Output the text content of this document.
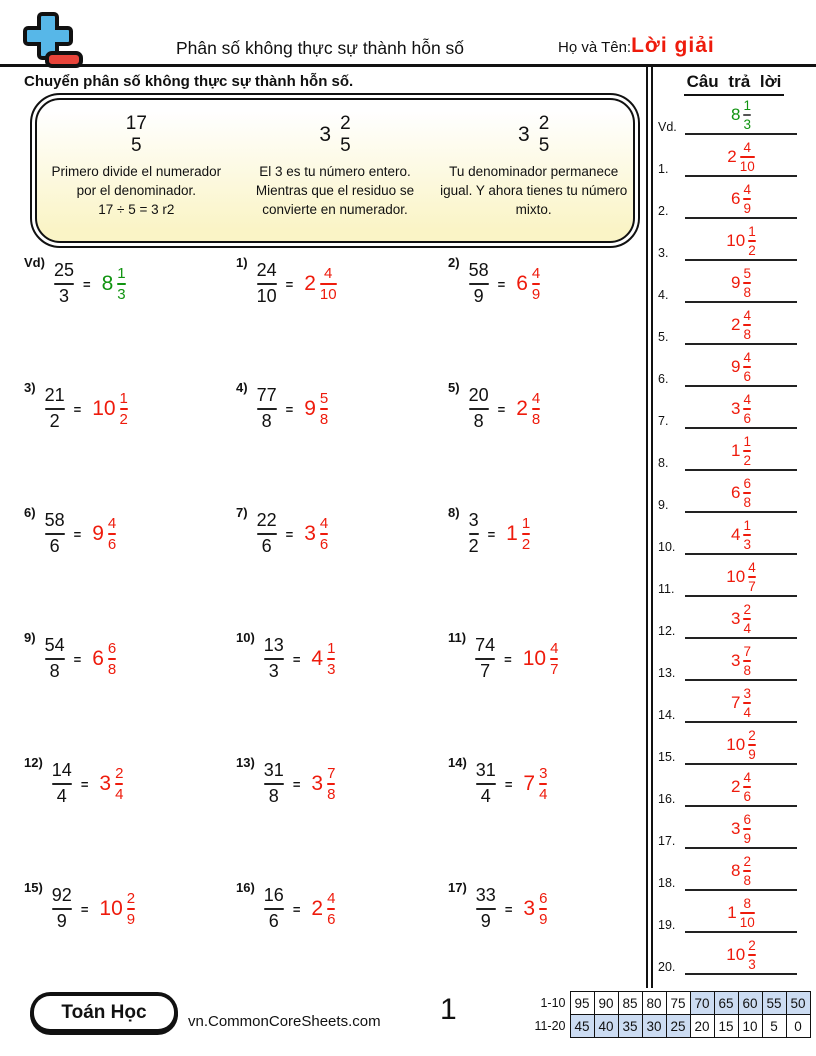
Phân số không thực sự thành hỗn số	Họ và Tên: Lời giải
Chuyển phân số không thực sự thành hỗn số.
17
5
Primero divide el numerador por el denominador.
17 ÷ 5 = 3 r2
3 2
5
El 3 es tu número entero. Mientras que el residuo se convierte en numerador.
3 2
5
Tu denominador permanece igual. Y ahora tienes tu número mixto.
Vd) 25
3
= $8 \frac{1}{3}$
1) 24
10
= $2 \frac{4}{10}$
2) 58
9
= $6 \frac{4}{9}$
3) 21
2
= $10 \frac{1}{2}$
4) 77
8
= $9 \frac{5}{8}$
5) 20
8
= $2 \frac{4}{8}$
6) 58
6
= $9 \frac{4}{6}$
7) 22
6
= $3 \frac{4}{6}$
8) 3
2
= $1 \frac{1}{2}$
9) 54
8
= $6 \frac{6}{8}$
10) 13
3
= $4 \frac{1}{3}$
11) 74
7
= $10 \frac{4}{7}$
12) 14
4
= $3 \frac{2}{4}$
13) 31
8
= $3 \frac{7}{8}$
14) 31
4
= $7 \frac{3}{4}$
15) 92
9
= $10 \frac{2}{9}$
16) 16
6
= $2 \frac{4}{6}$
17) 33
9
= $3 \frac{6}{9}$
Câu trả lời
Vd.
$8 \frac{1}{3}$
1.
$2 \frac{4}{10}$
2.
$6 \frac{4}{9}$
3.
$10 \frac{1}{2}$
4.
$9 \frac{5}{8}$
5.
$2 \frac{4}{8}$
6.
$9 \frac{4}{6}$
7.
$3 \frac{4}{6}$
8.
$1 \frac{1}{2}$
9.
$6 \frac{6}{8}$
10.
$4 \frac{1}{3}$
11.
$10 \frac{4}{7}$
12.
$3 \frac{2}{4}$
13.
$3 \frac{7}{8}$
14.
$7 \frac{3}{4}$
15.
$10 \frac{2}{9}$
16.
$2 \frac{4}{6}$
17.
$3 \frac{6}{9}$
18.
$8 \frac{2}{8}$
19.
$1 \frac{8}{10}$
20.
$10 \frac{2}{3}$
Toán Học	vn.CommonCoreSheets.com 1	1-10	95	90	85	80	75	70	65	60	55	50
11-20	45	40	35	30	25	20	15	10	5	0
